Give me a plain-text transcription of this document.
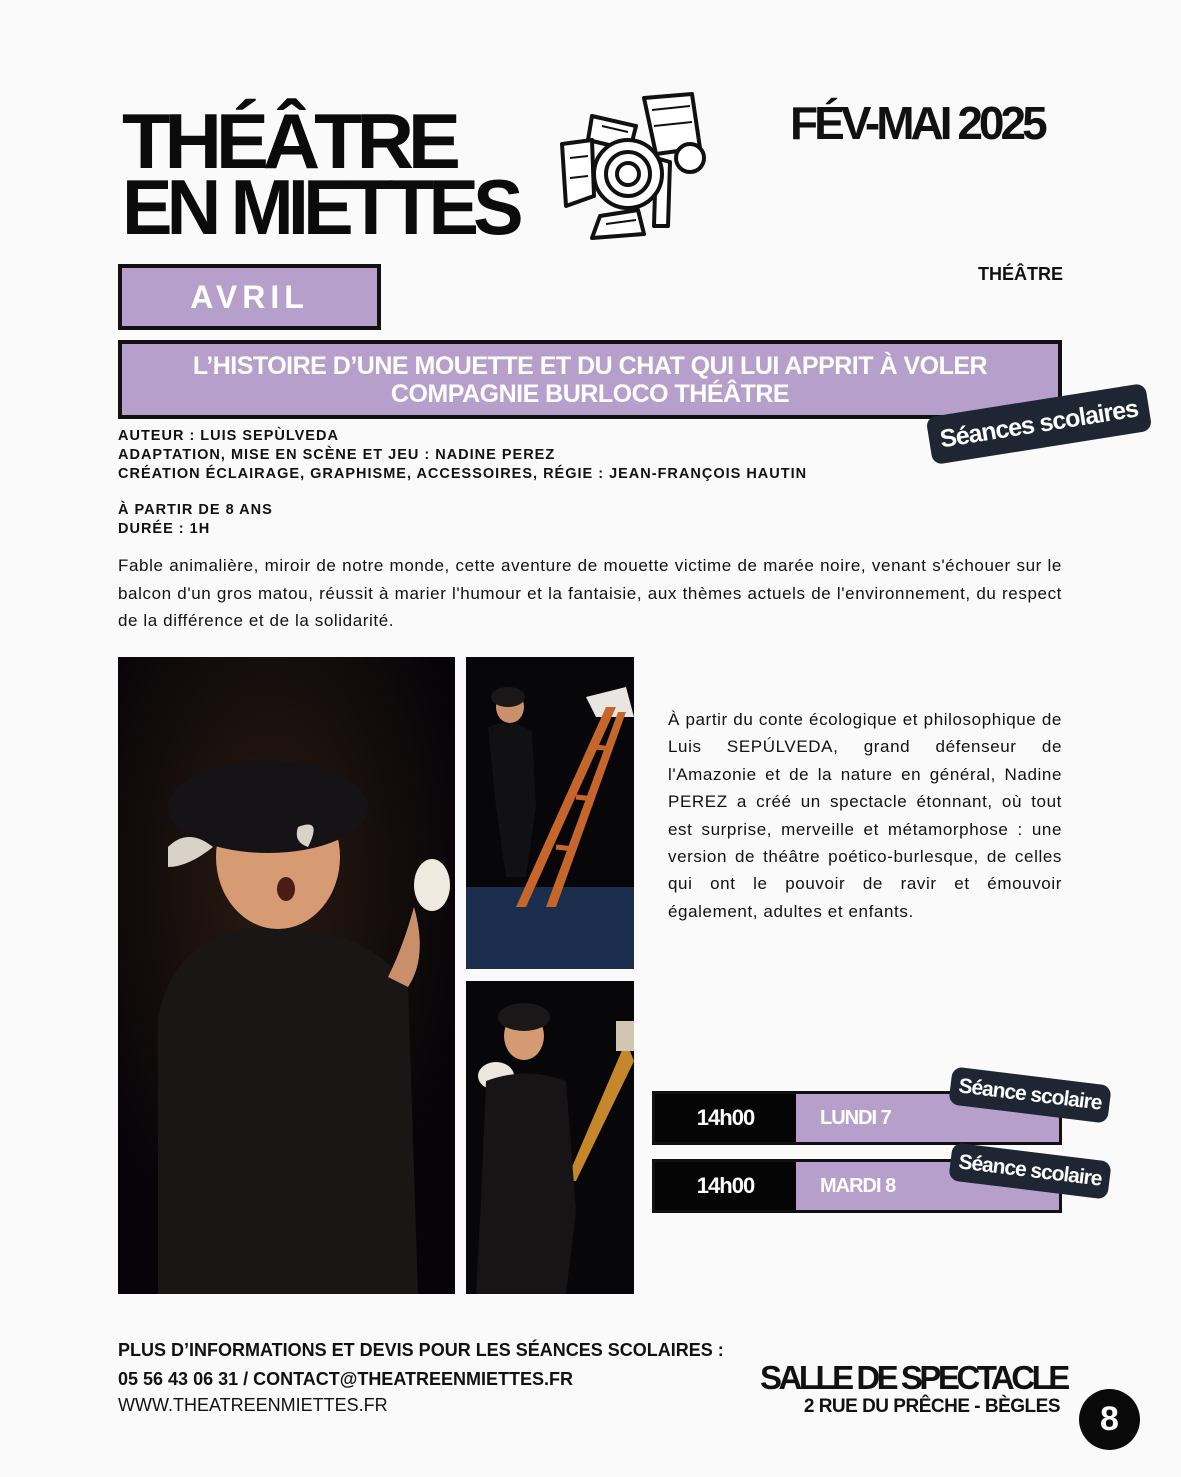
THÉÂTRE
EN MIETTES
FÉV-MAI 2025
THÉÂTRE
AVRIL
L’HISTOIRE D’UNE MOUETTE ET DU CHAT QUI LUI APPRIT À VOLER
COMPAGNIE BURLOCO THÉÂTRE
Séances scolaires
AUTEUR : LUIS SEPÙLVEDA
ADAPTATION, MISE EN SCÈNE ET JEU : NADINE PEREZ
CRÉATION ÉCLAIRAGE, GRAPHISME, ACCESSOIRES, RÉGIE : JEAN-FRANÇOIS HAUTIN
À PARTIR DE 8 ANS
DURÉE : 1H

Fable animalière, miroir de notre monde, cette aventure de mouette victime de marée noire, venant s'échouer sur le balcon d'un gros matou, réussit à marier l'humour et la fantaisie, aux thèmes actuels de l'environnement, du respect de la différence et de la solidarité.

À partir du conte écologique et philosophique de Luis SEPÚLVEDA, grand défenseur de l'Amazonie et de la nature en général, Nadine PEREZ a créé un spectacle étonnant, où tout est surprise, merveille et métamorphose : une version de théâtre poético-burlesque, de celles qui ont le pouvoir de ravir et émouvoir également, adultes et enfants.

14h00	LUNDI 7
Séance scolaire
14h00	MARDI 8	Séance scolaire
PLUS D’INFORMATIONS ET DEVIS POUR LES SÉANCES SCOLAIRES :
05 56 43 06 31 / CONTACT@THEATREENMIETTES.FR
WWW.THEATREENMIETTES.FR
SALLE DE SPECTACLE
2 RUE DU PRÊCHE - BÈGLES	8
